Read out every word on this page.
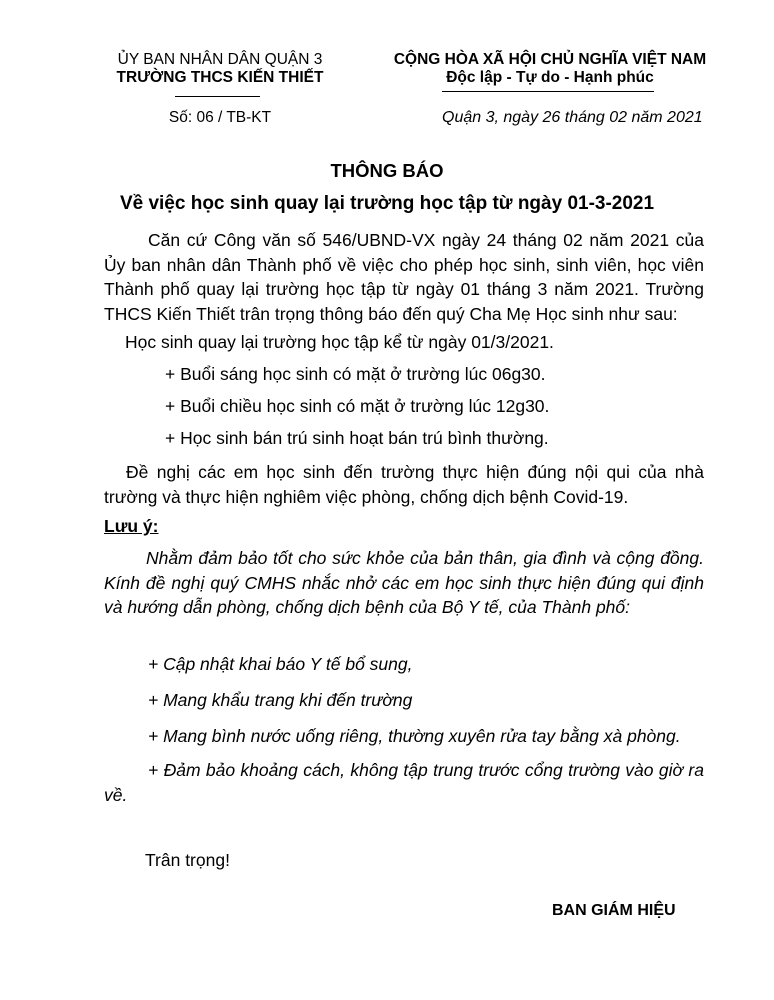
ỦY BAN NHÂN DÂN QUẬN 3
TRƯỜNG THCS KIẾN THIẾT
Số: 06 / TB-KT
CỘNG HÒA XÃ HỘI CHỦ NGHĨA VIỆT NAM
Độc lập - Tự do - Hạnh phúc
Quận 3, ngày 26 tháng 02 năm 2021
THÔNG BÁO
Về việc học sinh quay lại trường học tập từ ngày 01-3-2021
Căn cứ Công văn số 546/UBND-VX ngày 24 tháng 02 năm 2021 của Ủy ban nhân dân Thành phố về việc cho phép học sinh, sinh viên, học viên Thành phố quay lại trường học tập từ ngày 01 tháng 3 năm 2021. Trường THCS Kiến Thiết trân trọng thông báo đến quý Cha Mẹ Học sinh như sau:
Học sinh quay lại trường học tập kể từ ngày 01/3/2021.
+ Buổi sáng học sinh có mặt ở trường lúc 06g30.
+ Buổi chiều học sinh có mặt ở trường lúc 12g30.
+ Học sinh bán trú sinh hoạt bán trú bình thường.
Đề nghị các em học sinh đến trường thực hiện đúng nội qui của nhà trường và thực hiện nghiêm việc phòng, chống dịch bệnh Covid-19.
Lưu ý:
Nhằm đảm bảo tốt cho sức khỏe của bản thân, gia đình và cộng đồng. Kính đề nghị quý CMHS nhắc nhở các em học sinh thực hiện đúng qui định và hướng dẫn phòng, chống dịch bệnh của Bộ Y tế, của Thành phố:
+ Cập nhật khai báo Y tế bổ sung,
+ Mang khẩu trang khi đến trường
+ Mang bình nước uống riêng, thường xuyên rửa tay bằng xà phòng.
+ Đảm bảo khoảng cách, không tập trung trước cổng trường vào giờ ra về.
Trân trọng!
BAN GIÁM HIỆU
